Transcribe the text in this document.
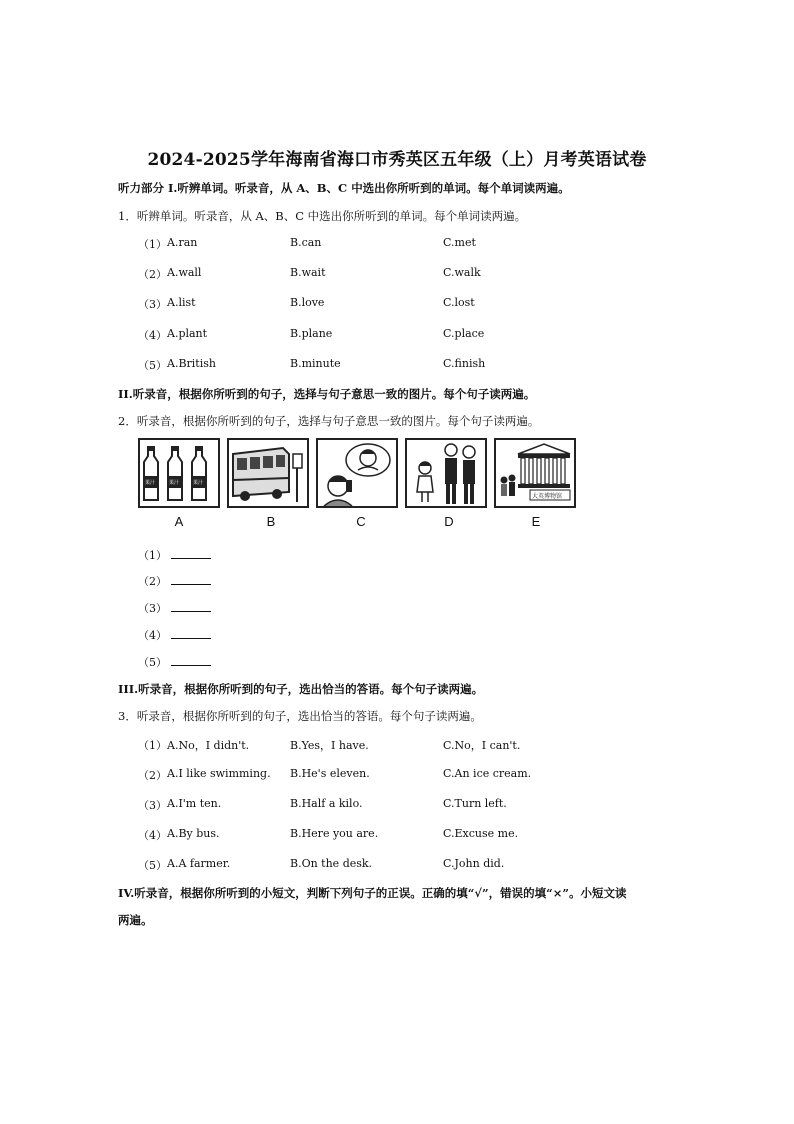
2024-2025学年海南省海口市秀英区五年级（上）月考英语试卷
听力部分 I.听辨单词。听录音，从 A、B、C 中选出你所听到的单词。每个单词读两遍。
1．听辨单词。听录音，从 A、B、C 中选出你所听到的单词。每个单词读两遍。
（1） A.ran	B.can	C.met
（2） A.wall	B.wait	C.walk
（3） A.list	B.love	C.lost
（4） A.plant	B.plane	C.place
（5） A.British	B.minute	C.finish
II.听录音，根据你所听到的句子，选择与句子意思一致的图片。每个句子读两遍。
2．听录音，根据你所听到的句子，选择与句子意思一致的图片。每个句子读两遍。
果汁	果汁	果汁
大英博物馆
A	B	C	D	E
（1）
（2）
（3）
（4）
（5）
III.听录音，根据你所听到的句子，选出恰当的答语。每个句子读两遍。
3．听录音，根据你所听到的句子，选出恰当的答语。每个句子读两遍。
（1） A.No，I didn't.	B.Yes，I have.	C.No，I can't.
（2） A.I like swimming. B.He's eleven.	C.An ice cream.
（3） A.I'm ten.	B.Half a kilo.	C.Turn left.
（4） A.By bus.	B.Here you are.	C.Excuse me.
（5） A.A farmer.	B.On the desk.	C.John did.
IV.听录音，根据你所听到的小短文，判断下列句子的正误。正确的填“√”，错误的填“×”。小短文读
两遍。
